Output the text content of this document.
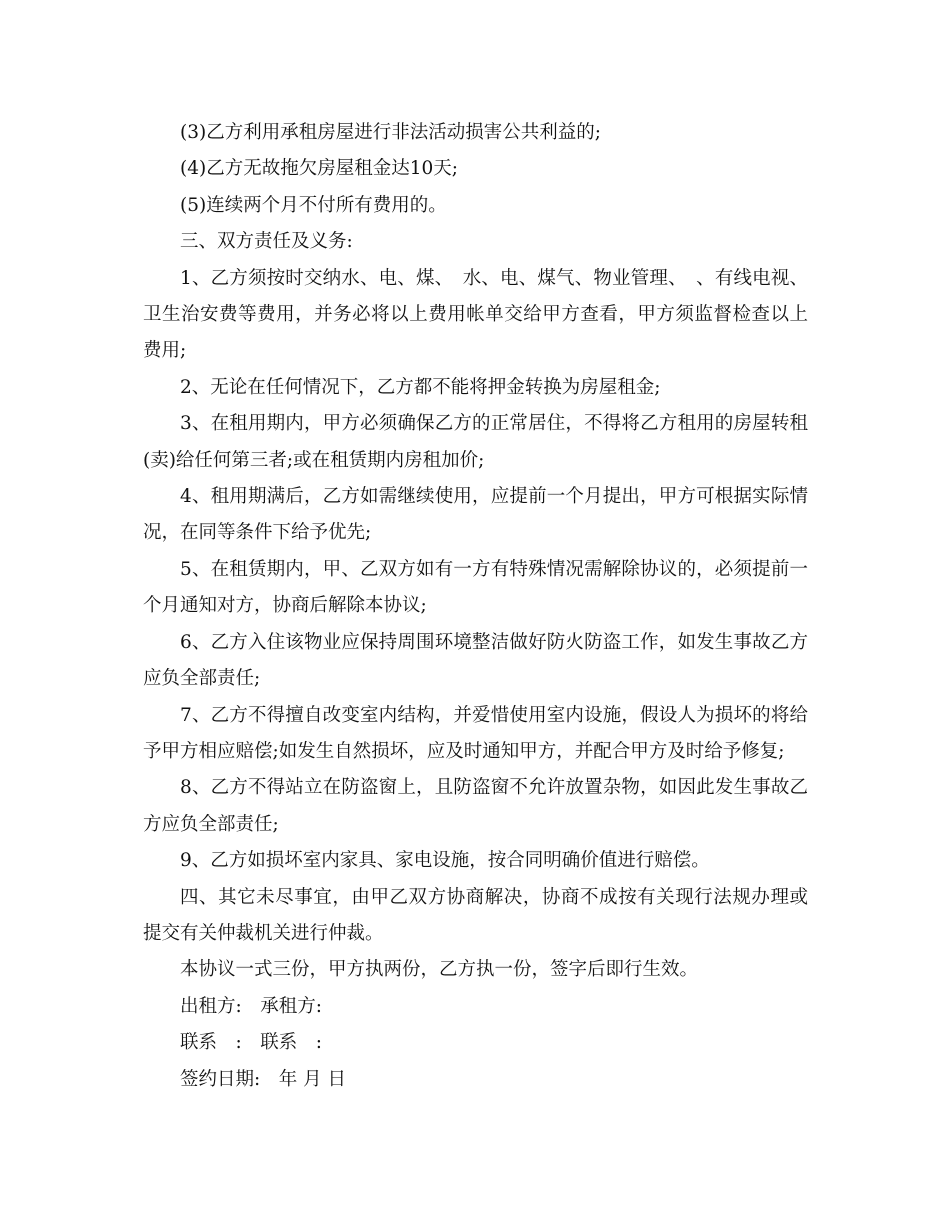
(3)乙方利用承租房屋进行非法活动损害公共利益的;

(4)乙方无故拖欠房屋租金达10天;

(5)连续两个月不付所有费用的。

三、双方责任及义务:

1、乙方须按时交纳水、电、煤、　水、电、煤气、物业管理、　、有线电视、卫生治安费等费用，并务必将以上费用帐单交给甲方查看，甲方须监督检查以上费用;

2、无论在任何情况下，乙方都不能将押金转换为房屋租金;

3、在租用期内，甲方必须确保乙方的正常居住，不得将乙方租用的房屋转租(卖)给任何第三者;或在租赁期内房租加价;

4、租用期满后，乙方如需继续使用，应提前一个月提出，甲方可根据实际情况，在同等条件下给予优先;

5、在租赁期内，甲、乙双方如有一方有特殊情况需解除协议的，必须提前一个月通知对方，协商后解除本协议;

6、乙方入住该物业应保持周围环境整洁做好防火防盗工作，如发生事故乙方应负全部责任;

7、乙方不得擅自改变室内结构，并爱惜使用室内设施，假设人为损坏的将给予甲方相应赔偿;如发生自然损坏，应及时通知甲方，并配合甲方及时给予修复;

8、乙方不得站立在防盗窗上，且防盗窗不允许放置杂物，如因此发生事故乙方应负全部责任;

9、乙方如损坏室内家具、家电设施，按合同明确价值进行赔偿。

四、其它未尽事宜，由甲乙双方协商解决，协商不成按有关现行法规办理或提交有关仲裁机关进行仲裁。

本协议一式三份，甲方执两份，乙方执一份，签字后即行生效。

出租方:　承租方:

联系　:　联系　:

签约日期:　年 月 日
